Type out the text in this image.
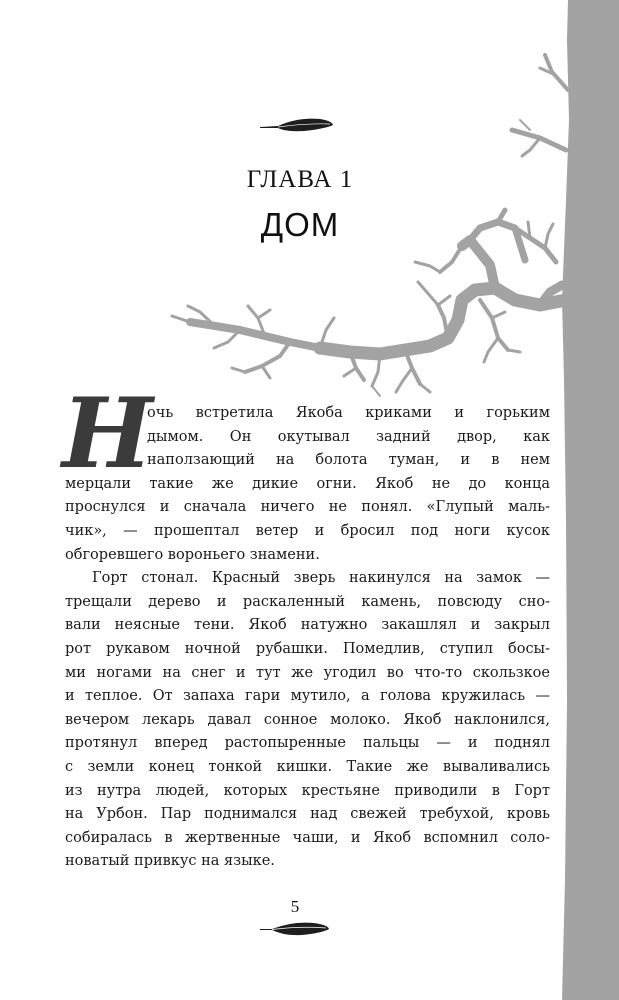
ГЛАВА 1
ДОМ
Н
очь встретила Якоба криками и горьким
дымом. Он окутывал задний двор, как
наползающий на болота туман, и в нем
мерцали такие же дикие огни. Якоб не до конца
проснулся и сначала ничего не понял. «Глупый маль-
чик», — прошептал ветер и бросил под ноги кусок
обгоревшего вороньего знамени.
Горт стонал. Красный зверь накинулся на замок —
трещали дерево и раскаленный камень, повсюду сно-
вали неясные тени. Якоб натужно закашлял и закрыл
рот рукавом ночной рубашки. Помедлив, ступил босы-
ми ногами на снег и тут же угодил во что-то скользкое
и теплое. От запаха гари мутило, а голова кружилась —
вечером лекарь давал сонное молоко. Якоб наклонился,
протянул вперед растопыренные пальцы — и поднял
с земли конец тонкой кишки. Такие же вываливались
из нутра людей, которых крестьяне приводили в Горт
на Урбон. Пар поднимался над свежей требухой, кровь
собиралась в жертвенные чаши, и Якоб вспомнил соло-
новатый привкус на языке.
5
